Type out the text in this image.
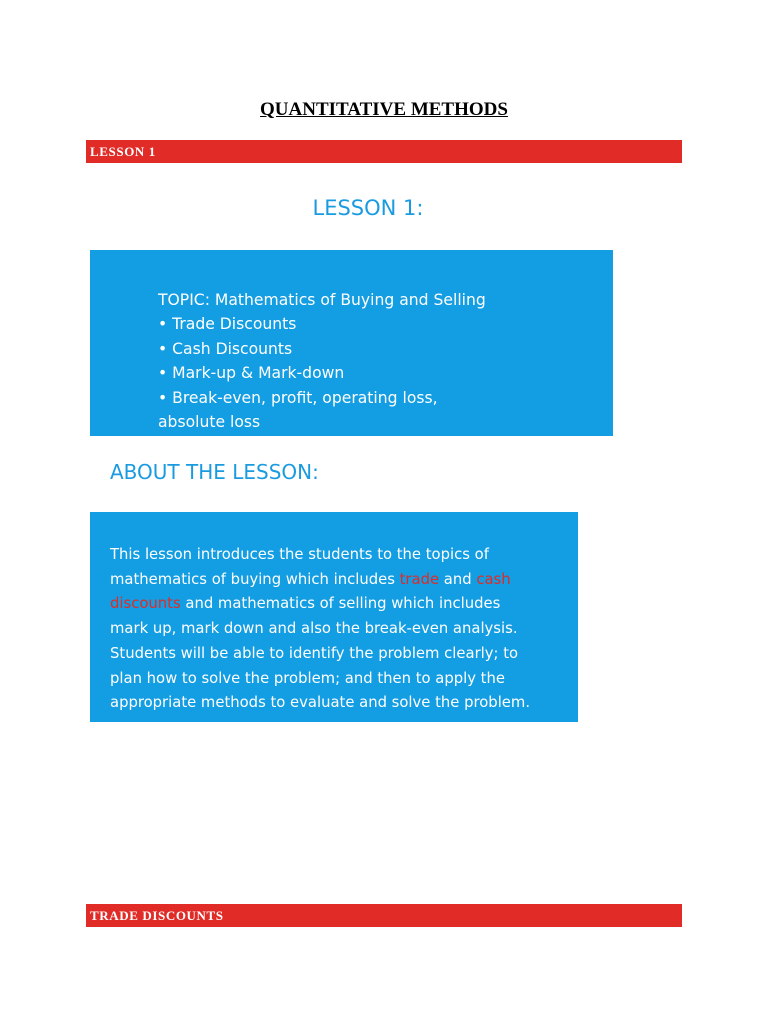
QUANTITATIVE METHODS
LESSON 1
LESSON 1:
TOPIC: Mathematics of Buying and Selling
• Trade Discounts
• Cash Discounts
• Mark-up & Mark-down
• Break-even, profit, operating loss,
absolute loss
ABOUT THE LESSON:
This lesson introduces the students to the topics of
mathematics of buying which includes trade and cash
discounts and mathematics of selling which includes
mark up, mark down and also the break-even analysis.
Students will be able to identify the problem clearly; to
plan how to solve the problem; and then to apply the
appropriate methods to evaluate and solve the problem.
TRADE DISCOUNTS
